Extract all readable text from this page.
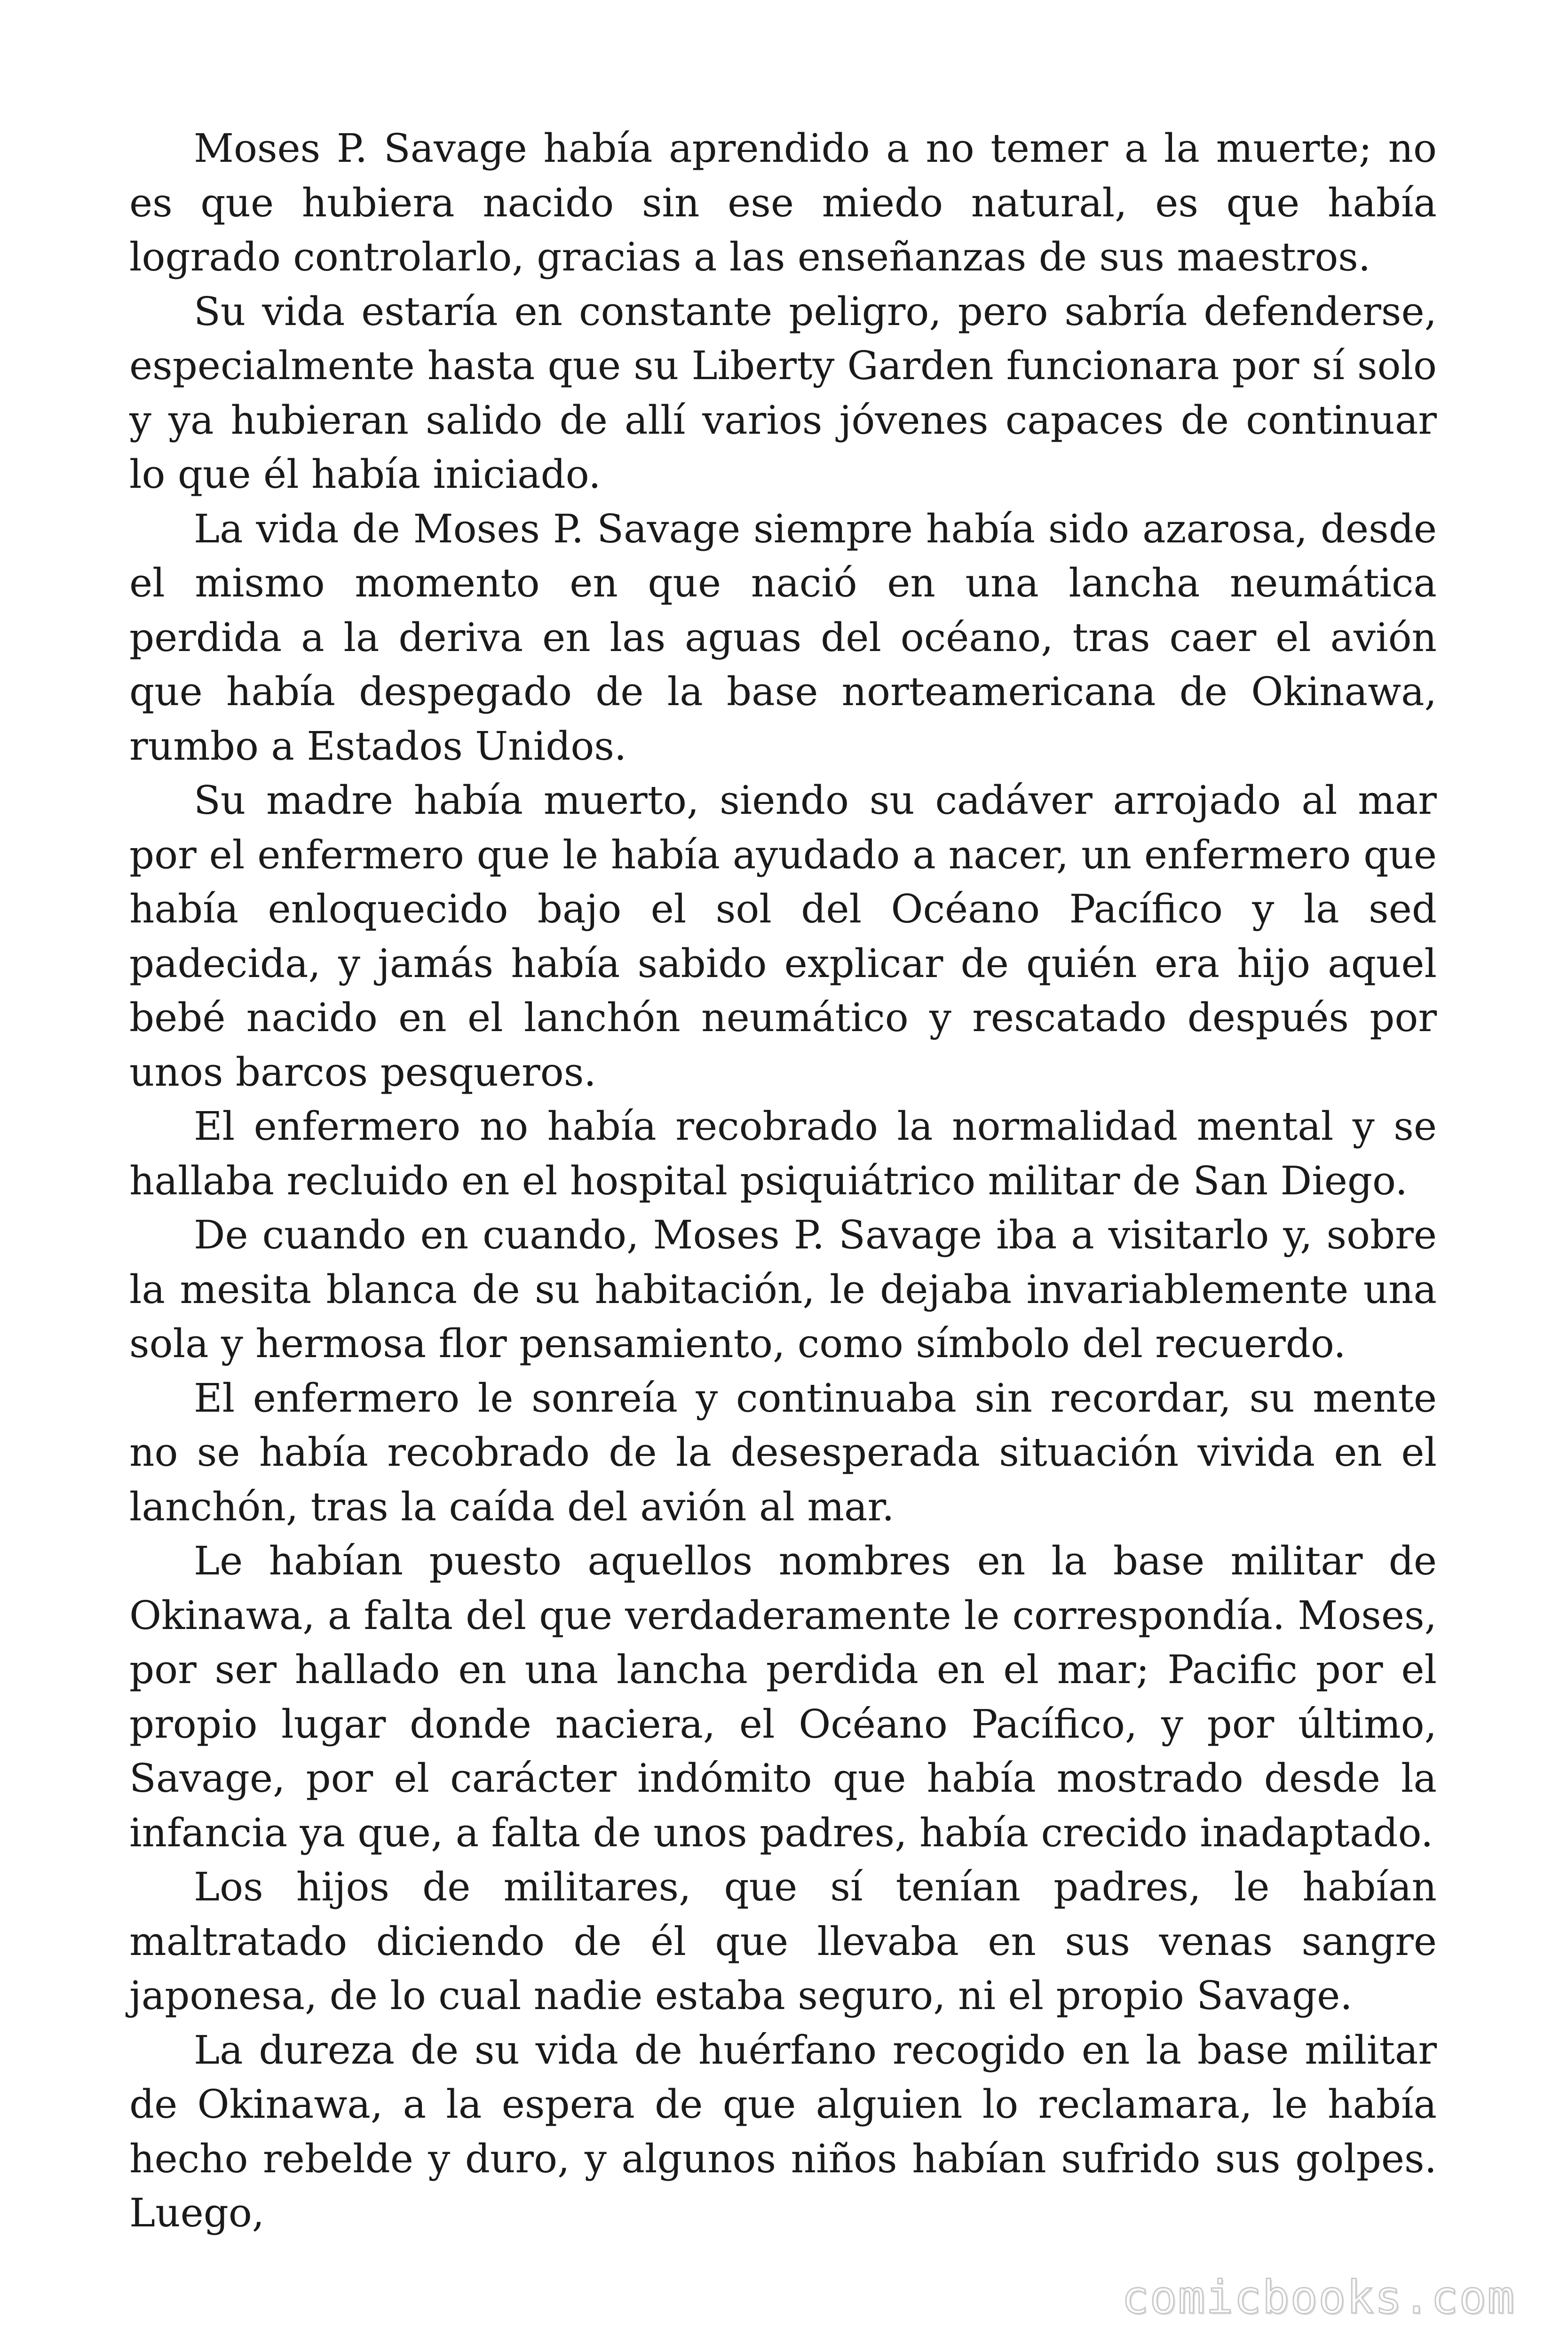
Moses P. Savage había aprendido a no temer a la muerte; no es que hubiera nacido sin ese miedo natural, es que había logrado controlarlo, gracias a las enseñanzas de sus maestros.

Su vida estaría en constante peligro, pero sabría defenderse, especialmente hasta que su Liberty Garden funcionara por sí solo y ya hubieran salido de allí varios jóvenes capaces de continuar lo que él había iniciado.

La vida de Moses P. Savage siempre había sido azarosa, desde el mismo momento en que nació en una lancha neumática perdida a la deriva en las aguas del océano, tras caer el avión que había despegado de la base norteamericana de Okinawa, rumbo a Estados Unidos.

Su madre había muerto, siendo su cadáver arrojado al mar por el enfermero que le había ayudado a nacer, un enfermero que había enloquecido bajo el sol del Océano Pacífico y la sed padecida, y jamás había sabido explicar de quién era hijo aquel bebé nacido en el lanchón neumático y rescatado después por unos barcos pesqueros.

El enfermero no había recobrado la normalidad mental y se hallaba recluido en el hospital psiquiátrico militar de San Diego.

De cuando en cuando, Moses P. Savage iba a visitarlo y, sobre la mesita blanca de su habitación, le dejaba invariablemente una sola y hermosa flor pensamiento, como símbolo del recuerdo.

El enfermero le sonreía y continuaba sin recordar, su mente no se había recobrado de la desesperada situación vivida en el lanchón, tras la caída del avión al mar.

Le habían puesto aquellos nombres en la base militar de Okinawa, a falta del que verdaderamente le correspondía. Moses, por ser hallado en una lancha perdida en el mar; Pacific por el propio lugar donde naciera, el Océano Pacífico, y por último, Savage, por el carácter indómito que había mostrado desde la infancia ya que, a falta de unos padres, había crecido inadaptado.

Los hijos de militares, que sí tenían padres, le habían maltratado diciendo de él que llevaba en sus venas sangre japonesa, de lo cual nadie estaba seguro, ni el propio Savage.

La dureza de su vida de huérfano recogido en la base militar de Okinawa, a la espera de que alguien lo reclamara, le había hecho rebelde y duro, y algunos niños habían sufrido sus golpes. Luego,

comicbooks.com
